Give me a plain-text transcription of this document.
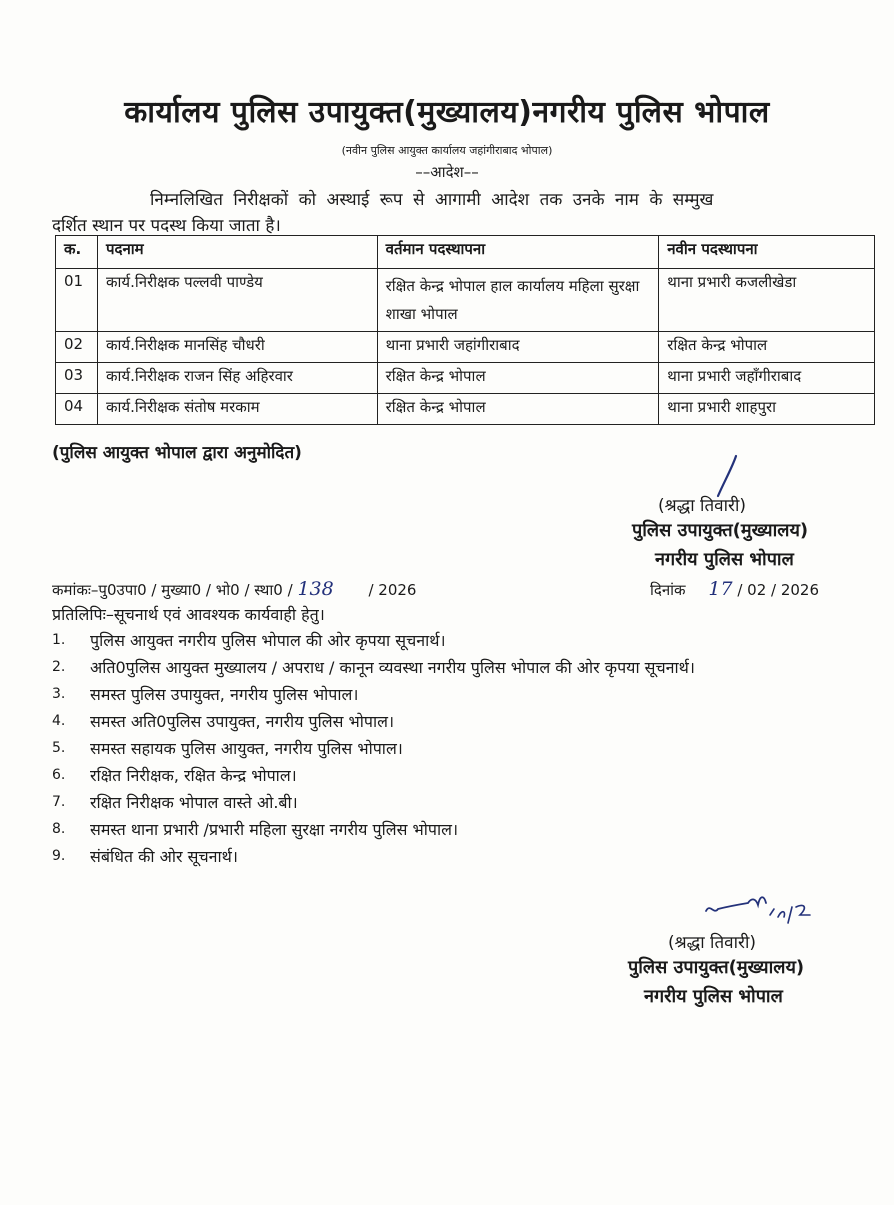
कार्यालय पुलिस उपायुक्त(मुख्यालय)नगरीय पुलिस भोपाल
(नवीन पुलिस आयुक्त कार्यालय जहांगीराबाद भोपाल)
––आदेश––
निम्नलिखित निरीक्षकों को अस्थाई रूप से आगामी आदेश तक उनके नाम के सम्मुख
दर्शित स्थान पर पदस्थ किया जाता है।
क.	पदनाम	वर्तमान पदस्थापना	नवीन पदस्थापना
01	कार्य.निरीक्षक पल्लवी पाण्डेय	रक्षित केन्द्र भोपाल हाल कार्यालय महिला सुरक्षा शाखा भोपाल	थाना प्रभारी कजलीखेडा
02	कार्य.निरीक्षक मानसिंह चौधरी	थाना प्रभारी जहांगीराबाद	रक्षित केन्द्र भोपाल
03	कार्य.निरीक्षक राजन सिंह अहिरवार	रक्षित केन्द्र भोपाल	थाना प्रभारी जहॉंगीराबाद
04	कार्य.निरीक्षक संतोष मरकाम	रक्षित केन्द्र भोपाल	थाना प्रभारी शाहपुरा
(पुलिस आयुक्त भोपाल द्वारा अनुमोदित)
(श्रद्धा तिवारी)
पुलिस उपायुक्त(मुख्यालय)
नगरीय पुलिस भोपाल
कमांकः–पु0उपा0 / मुख्या0 / भो0 / स्था0 / 138 / 2026	दिनांक 17 / 02 / 2026
प्रतिलिपिः–सूचनार्थ एवं आवश्यक कार्यवाही हेतु।
1. पुलिस आयुक्त नगरीय पुलिस भोपाल की ओर कृपया सूचनार्थ।
2. अति0पुलिस आयुक्त मुख्यालय / अपराध / कानून व्यवस्था नगरीय पुलिस भोपाल की ओर कृपया सूचनार्थ।
3. समस्त पुलिस उपायुक्त, नगरीय पुलिस भोपाल।
4. समस्त अति0पुलिस उपायुक्त, नगरीय पुलिस भोपाल।
5. समस्त सहायक पुलिस आयुक्त, नगरीय पुलिस भोपाल।
6. रक्षित निरीक्षक, रक्षित केन्द्र भोपाल।
7. रक्षित निरीक्षक भोपाल वास्ते ओ.बी।
8. समस्त थाना प्रभारी /प्रभारी महिला सुरक्षा नगरीय पुलिस भोपाल।
9. संबंधित की ओर सूचनार्थ।
(श्रद्धा तिवारी)
पुलिस उपायुक्त(मुख्यालय)
नगरीय पुलिस भोपाल
